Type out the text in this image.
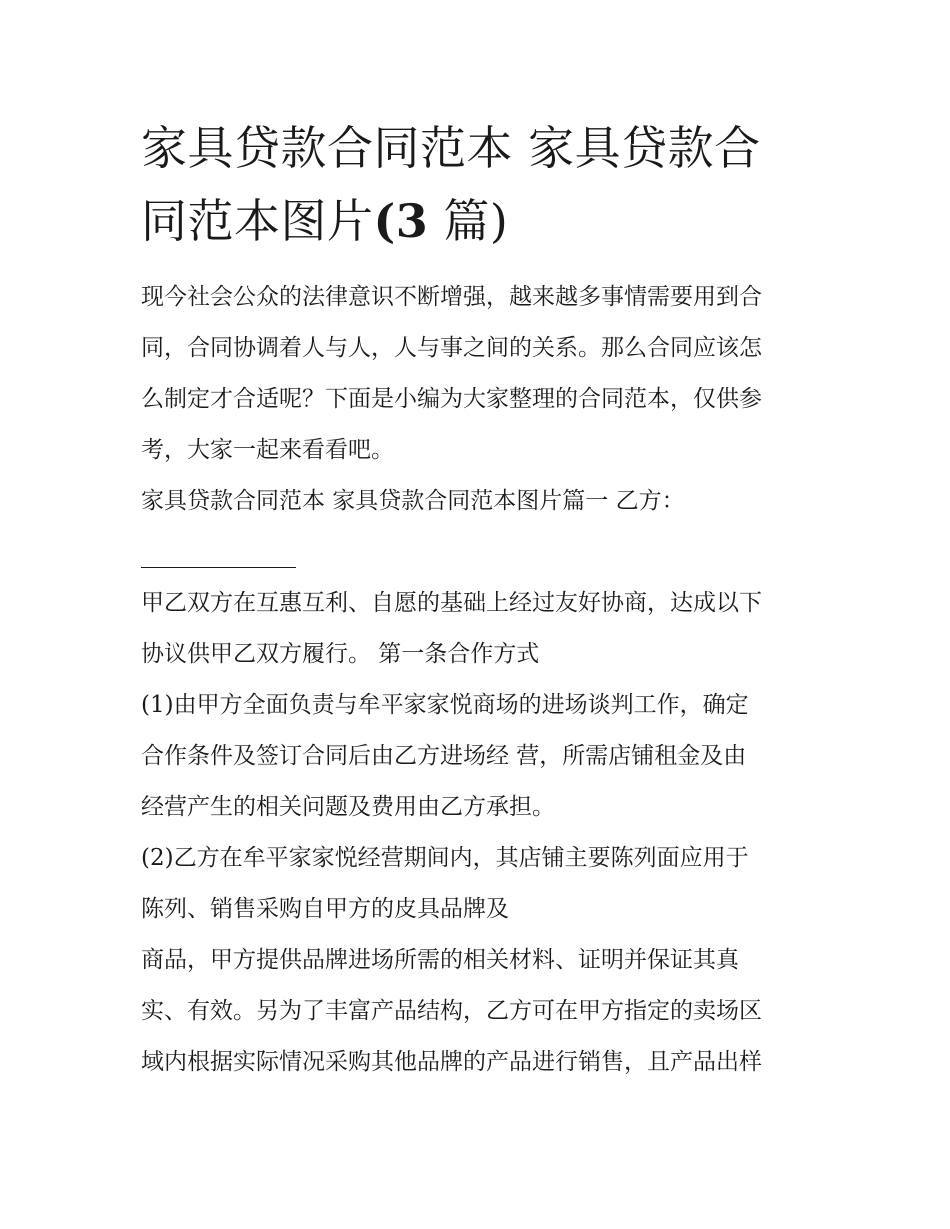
家具贷款合同范本 家具贷款合
同范本图片(3 篇)

现今社会公众的法律意识不断增强，越来越多事情需要用到合

同，合同协调着人与人，人与事之间的关系。那么合同应该怎

么制定才合适呢？下面是小编为大家整理的合同范本，仅供参

考，大家一起来看看吧。

家具贷款合同范本 家具贷款合同范本图片篇一 乙方：

甲乙双方在互惠互利、自愿的基础上经过友好协商，达成以下

协议供甲乙双方履行。 第一条合作方式

(1)由甲方全面负责与牟平家家悦商场的进场谈判工作，确定

合作条件及签订合同后由乙方进场经 营，所需店铺租金及由

经营产生的相关问题及费用由乙方承担。

(2)乙方在牟平家家悦经营期间内，其店铺主要陈列面应用于

陈列、销售采购自甲方的皮具品牌及

商品，甲方提供品牌进场所需的相关材料、证明并保证其真

实、有效。另为了丰富产品结构，乙方可在甲方指定的卖场区

域内根据实际情况采购其他品牌的产品进行销售，且产品出样
